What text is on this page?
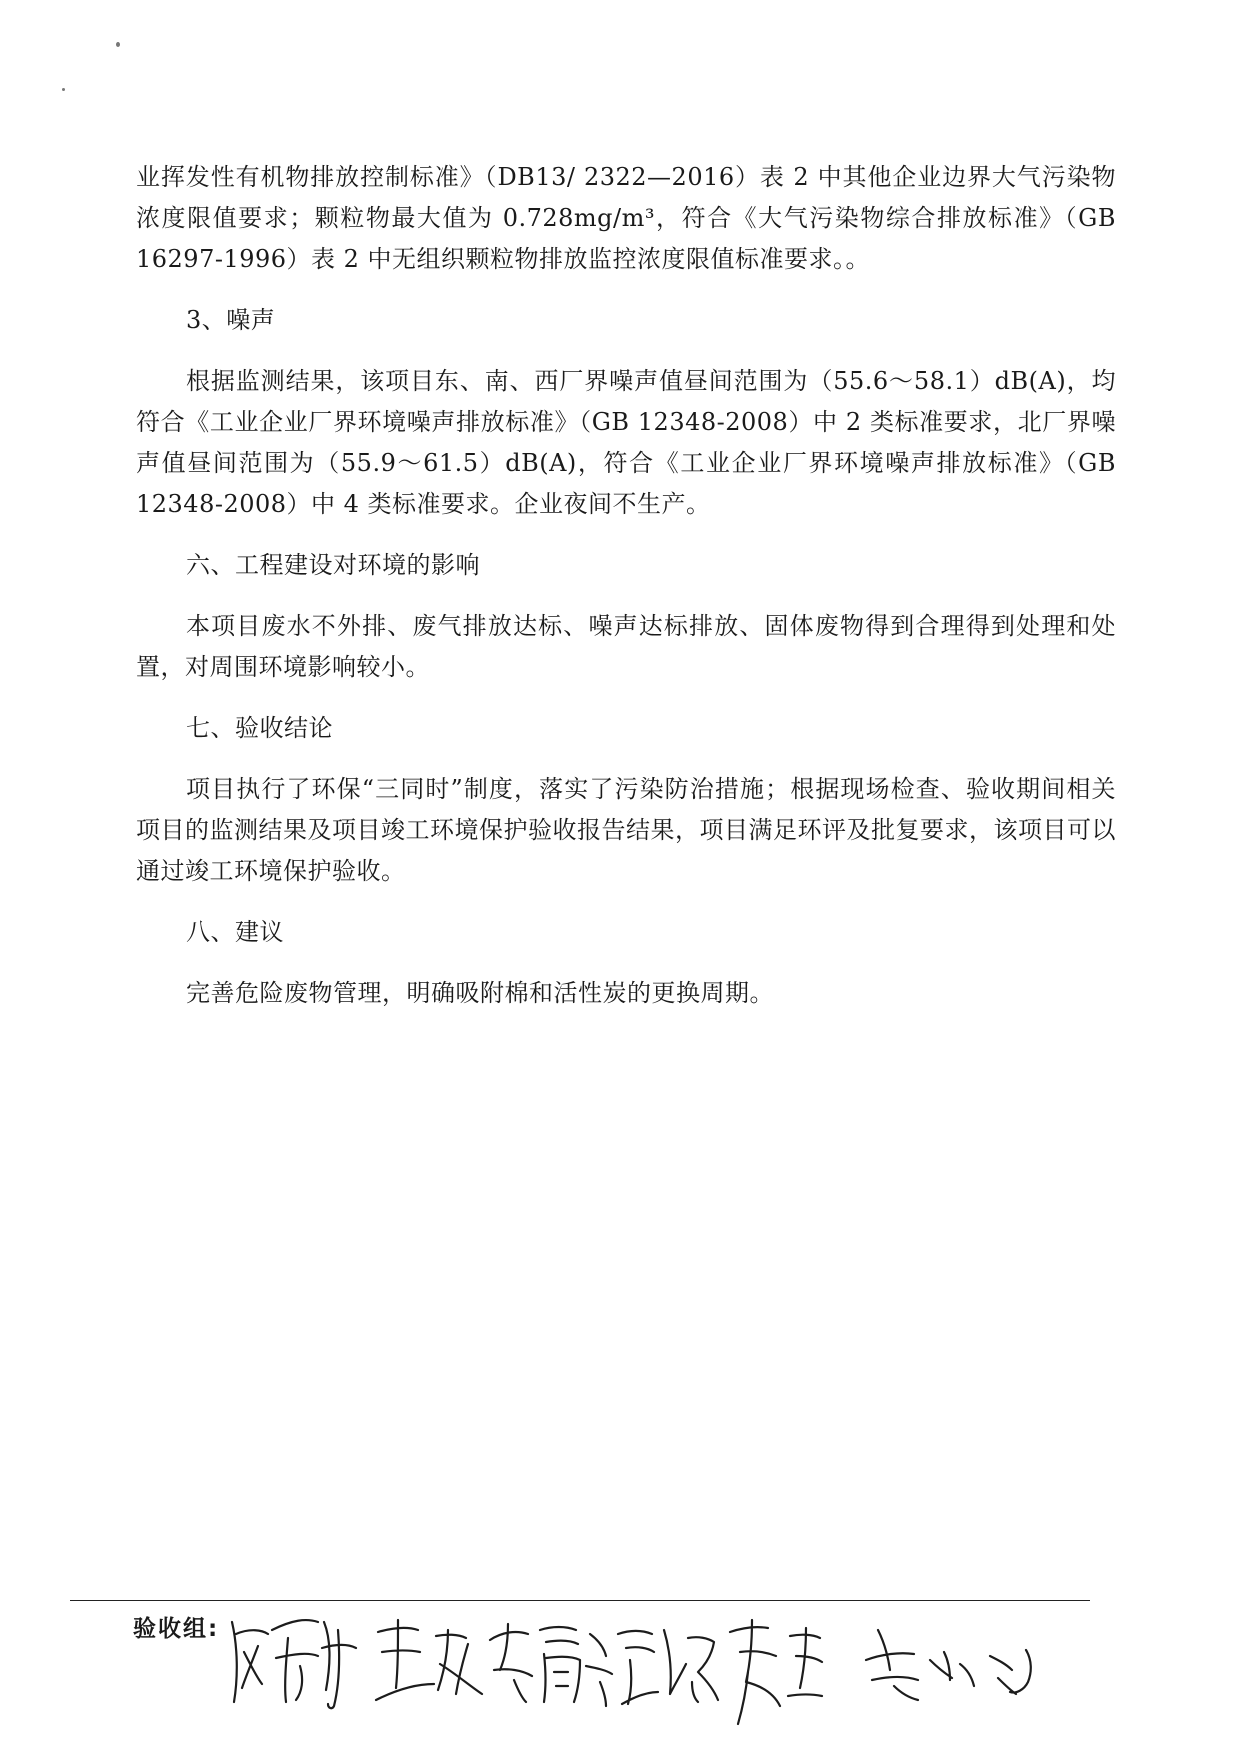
业挥发性有机物排放控制标准》（DB13/ 2322—2016）表 2 中其他企业边界大气污染物浓度限值要求；颗粒物最大值为 0.728mg/m³，符合《大气污染物综合排放标准》（GB 16297-1996）表 2 中无组织颗粒物排放监控浓度限值标准要求。。

3、噪声

根据监测结果，该项目东、南、西厂界噪声值昼间范围为（55.6～58.1）dB(A)，均符合《工业企业厂界环境噪声排放标准》（GB 12348-2008）中 2 类标准要求，北厂界噪声值昼间范围为（55.9～61.5）dB(A)，符合《工业企业厂界环境噪声排放标准》（GB 12348-2008）中 4 类标准要求。企业夜间不生产。

六、工程建设对环境的影响

本项目废水不外排、废气排放达标、噪声达标排放、固体废物得到合理得到处理和处置，对周围环境影响较小。

七、验收结论

项目执行了环保“三同时”制度，落实了污染防治措施；根据现场检查、验收期间相关项目的监测结果及项目竣工环境保护验收报告结果，项目满足环评及批复要求，该项目可以通过竣工环境保护验收。

八、建议

完善危险废物管理，明确吸附棉和活性炭的更换周期。

验收组:
